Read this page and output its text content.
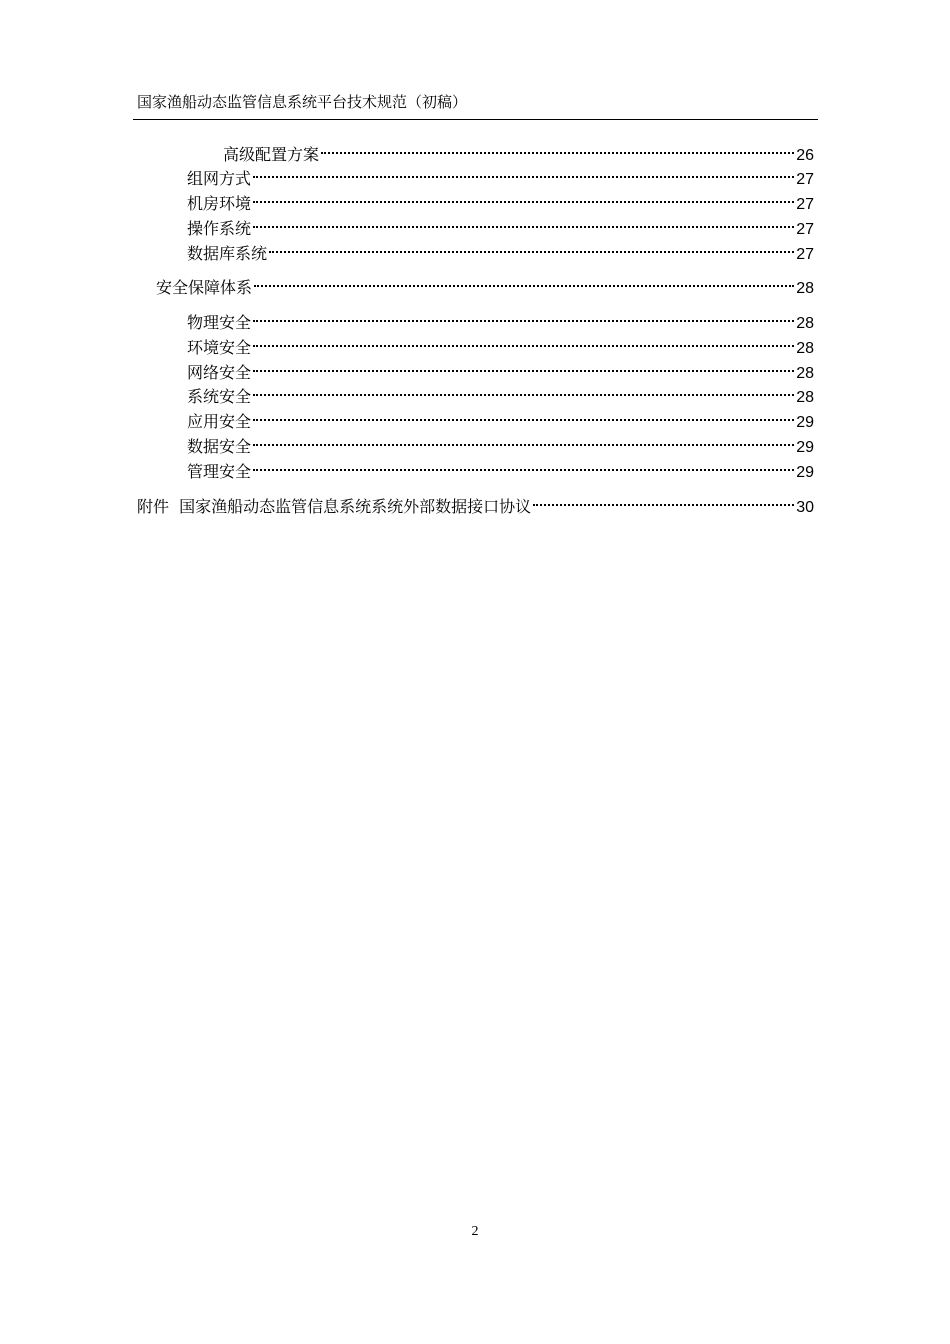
国家渔船动态监管信息系统平台技术规范（初稿）
高级配置方案	26
组网方式	27
机房环境	27
操作系统	27
数据库系统	27
安全保障体系	28
物理安全	28
环境安全	28
网络安全	28
系统安全	28
应用安全	29
数据安全	29
管理安全	29
附件  国家渔船动态监管信息系统系统外部数据接口协议	30
2
